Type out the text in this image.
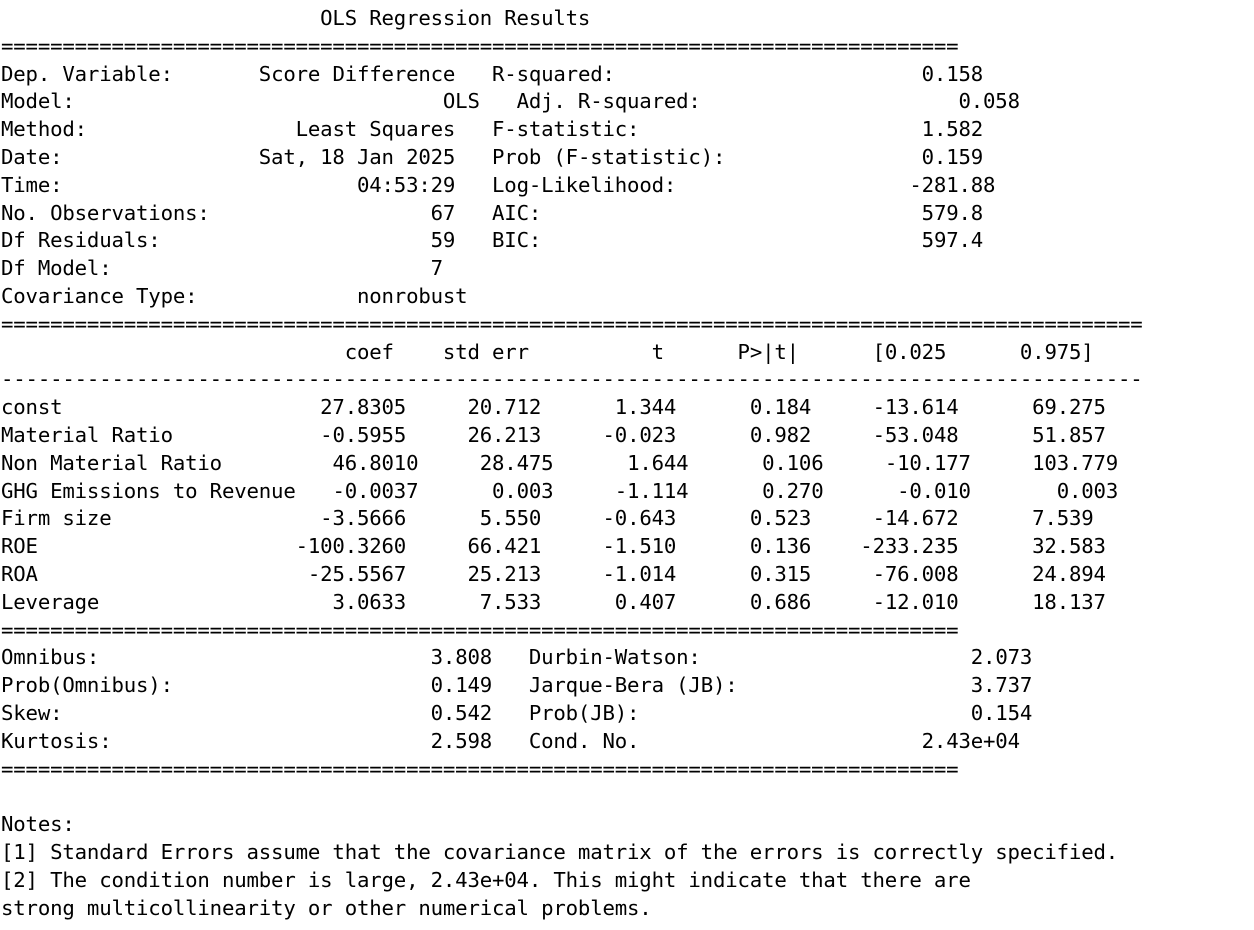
OLS Regression Results
==============================================================================
Dep. Variable:	Score Difference R-squared:	0.158
Model:	OLS Adj. R-squared:	0.058
Method:	Least Squares F-statistic:	1.582
Date:	Sat, 18 Jan 2025 Prob (F-statistic):	0.159
Time:	04:53:29 Log-Likelihood:	-281.88
No. Observations:	67 AIC:	579.8
Df Residuals:	59 BIC:	597.4
Df Model:	7
Covariance Type:	nonrobust
=============================================================================================
coef std err	t	P>|t|	[0.025	0.975]
---------------------------------------------------------------------------------------------
const	27.8305	20.712	1.344	0.184	-13.614	69.275
Material Ratio	-0.5955	26.213	-0.023	0.982	-53.048	51.857
Non Material Ratio	46.8010	28.475	1.644	0.106	-10.177	103.779
GHG Emissions to Revenue -0.0037	0.003	-1.114	0.270	-0.010	0.003
Firm size	-3.5666	5.550	-0.643	0.523	-14.672	7.539
ROE	-100.3260	66.421	-1.510	0.136 -233.235	32.583
ROA	-25.5567	25.213	-1.014	0.315	-76.008	24.894
Leverage	3.0633	7.533	0.407	0.686	-12.010	18.137
==============================================================================
Omnibus:	3.808 Durbin-Watson:	2.073
Prob(Omnibus):	0.149 Jarque-Bera (JB):	3.737
Skew:	0.542 Prob(JB):	0.154
Kurtosis:	2.598 Cond. No.	2.43e+04
==============================================================================

Notes:
[1] Standard Errors assume that the covariance matrix of the errors is correctly specified.
[2] The condition number is large, 2.43e+04. This might indicate that there are
strong multicollinearity or other numerical problems.
